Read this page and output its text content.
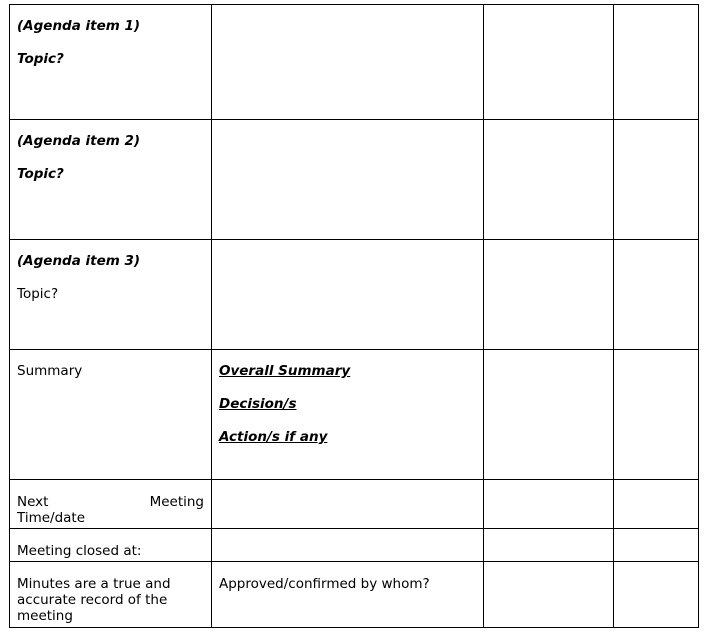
(Agenda item 1)
Topic?			

(Agenda item 2)
Topic?			

(Agenda item 3)
Topic?			

Summary	Overall Summary
Decision/s
Action/s if any		

Next Meeting
Time/date			

Meeting closed at:			

Minutes are a true and
accurate record of the
meeting	Approved/confirmed by whom?		
